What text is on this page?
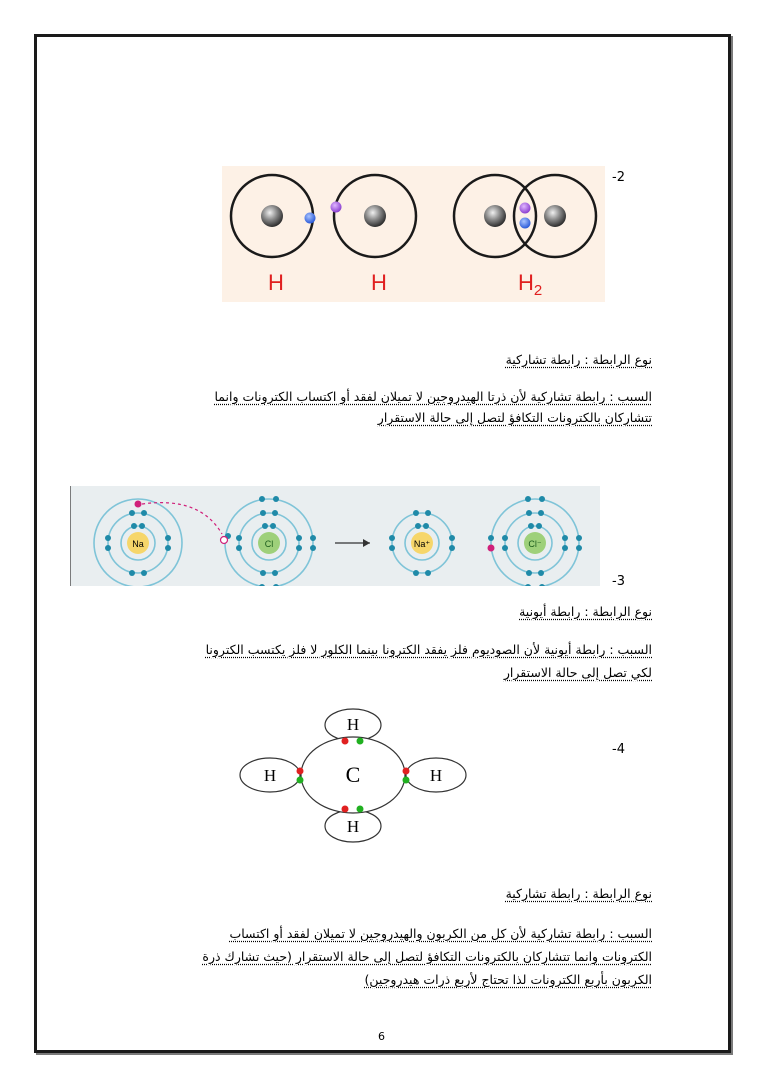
-2
H	H	$H_2$
نوع الرابطة : رابطة تشاركية
السبب : رابطة تشاركية لأن ذرتا الهيدروجين لا تميلان لفقد أو اكتساب الكترونات وانما
تتشاركان بالكترونات التكافؤ لتصل إلى حالة الاستقرار
Na	Cl	Na⁺	Cl⁻
-3
نوع الرابطة : رابطة أيونية
السبب : رابطة أيونية لأن الصوديوم فلز يفقد الكترونا بينما الكلور لا فلز يكتسب الكترونا
لكي تصل إلى حالة الاستقرار
-4
H
H
H	H
C
نوع الرابطة : رابطة تشاركية
السبب : رابطة تشاركية لأن كل من الكربون والهيدروجين لا تميلان لفقد أو اكتساب
الكترونات وانما تتشاركان بالكترونات التكافؤ لتصل إلى حالة الاستقرار (حيث تشارك ذرة
الكربون بأربع الكترونات لذا تحتاج لأربع ذرات هيدروجين)
6
